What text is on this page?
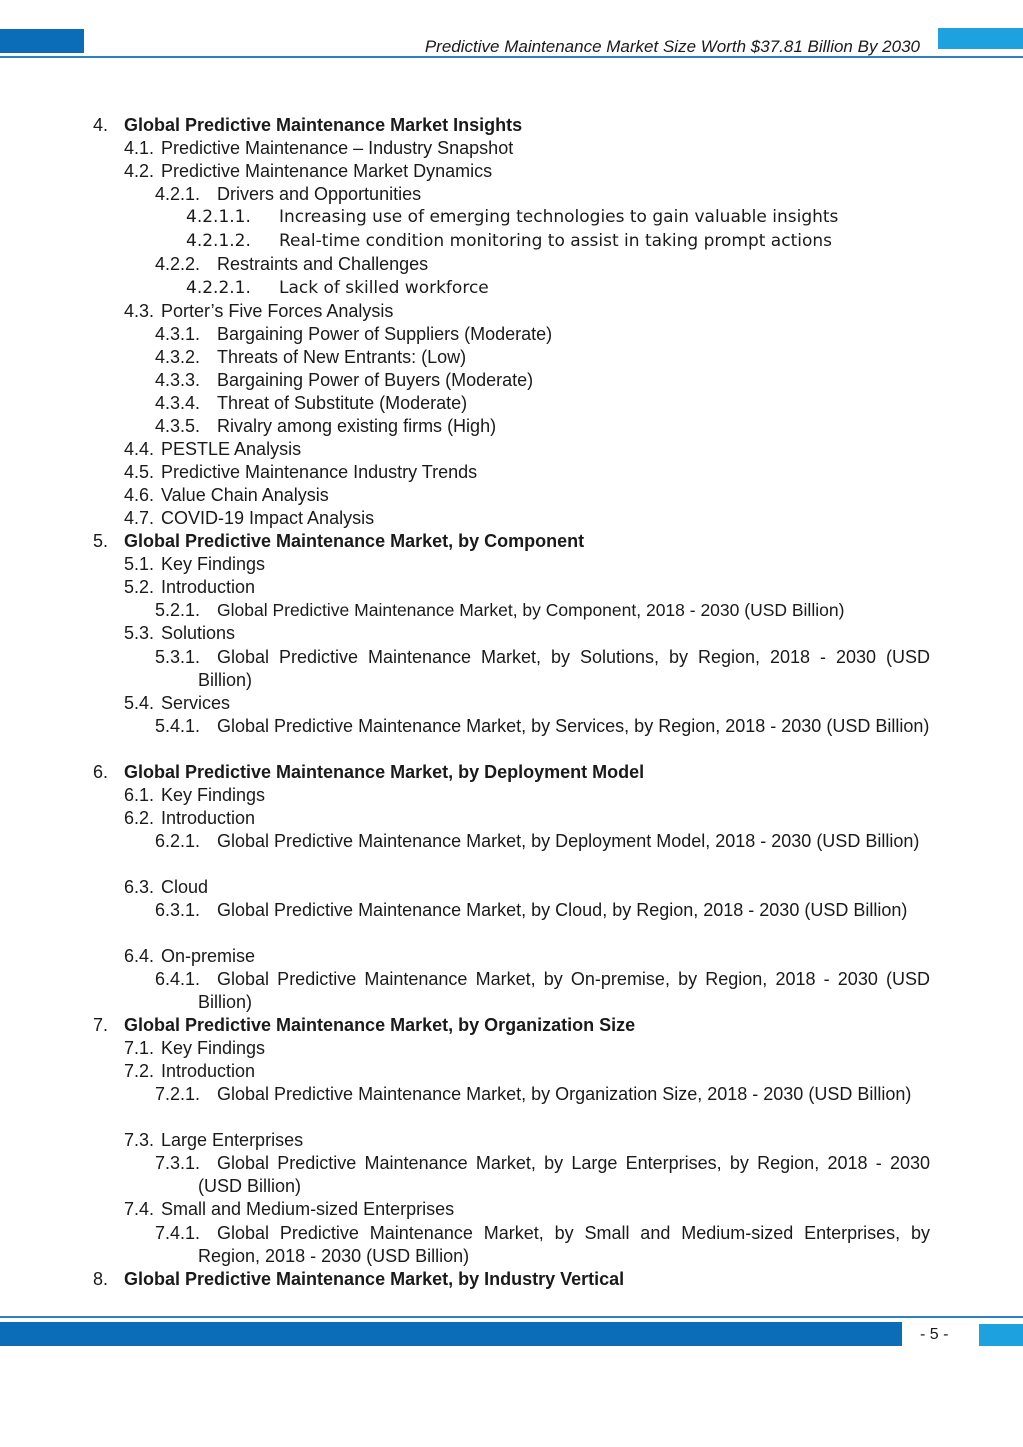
Predictive Maintenance Market Size Worth $37.81 Billion By 2030
4. Global Predictive Maintenance Market Insights
4.1. Predictive Maintenance – Industry Snapshot
4.2. Predictive Maintenance Market Dynamics
4.2.1. Drivers and Opportunities
4.2.1.1. Increasing use of emerging technologies to gain valuable insights
4.2.1.2. Real-time condition monitoring to assist in taking prompt actions
4.2.2. Restraints and Challenges
4.2.2.1. Lack of skilled workforce
4.3. Porter’s Five Forces Analysis
4.3.1. Bargaining Power of Suppliers (Moderate)
4.3.2. Threats of New Entrants: (Low)
4.3.3. Bargaining Power of Buyers (Moderate)
4.3.4. Threat of Substitute (Moderate)
4.3.5. Rivalry among existing firms (High)
4.4. PESTLE Analysis
4.5. Predictive Maintenance Industry Trends
4.6. Value Chain Analysis
4.7. COVID-19 Impact Analysis
5. Global Predictive Maintenance Market, by Component
5.1. Key Findings
5.2. Introduction
5.2.1. Global Predictive Maintenance Market, by Component, 2018 - 2030 (USD Billion)
5.3. Solutions
5.3.1. Global Predictive Maintenance Market, by Solutions, by Region, 2018 - 2030 (USD Billion)
5.4. Services
5.4.1. Global Predictive Maintenance Market, by Services, by Region, 2018 - 2030 (USD Billion)
6. Global Predictive Maintenance Market, by Deployment Model
6.1. Key Findings
6.2. Introduction
6.2.1. Global Predictive Maintenance Market, by Deployment Model, 2018 - 2030 (USD Billion)
6.3. Cloud
6.3.1. Global Predictive Maintenance Market, by Cloud, by Region, 2018 - 2030 (USD Billion)
6.4. On-premise
6.4.1. Global Predictive Maintenance Market, by On-premise, by Region, 2018 - 2030 (USD Billion)
7. Global Predictive Maintenance Market, by Organization Size
7.1. Key Findings
7.2. Introduction
7.2.1. Global Predictive Maintenance Market, by Organization Size, 2018 - 2030 (USD Billion)
7.3. Large Enterprises
7.3.1. Global Predictive Maintenance Market, by Large Enterprises, by Region, 2018 - 2030 (USD Billion)
7.4. Small and Medium-sized Enterprises
7.4.1. Global Predictive Maintenance Market, by Small and Medium-sized Enterprises, by Region, 2018 - 2030 (USD Billion)
8. Global Predictive Maintenance Market, by Industry Vertical
- 5 -
